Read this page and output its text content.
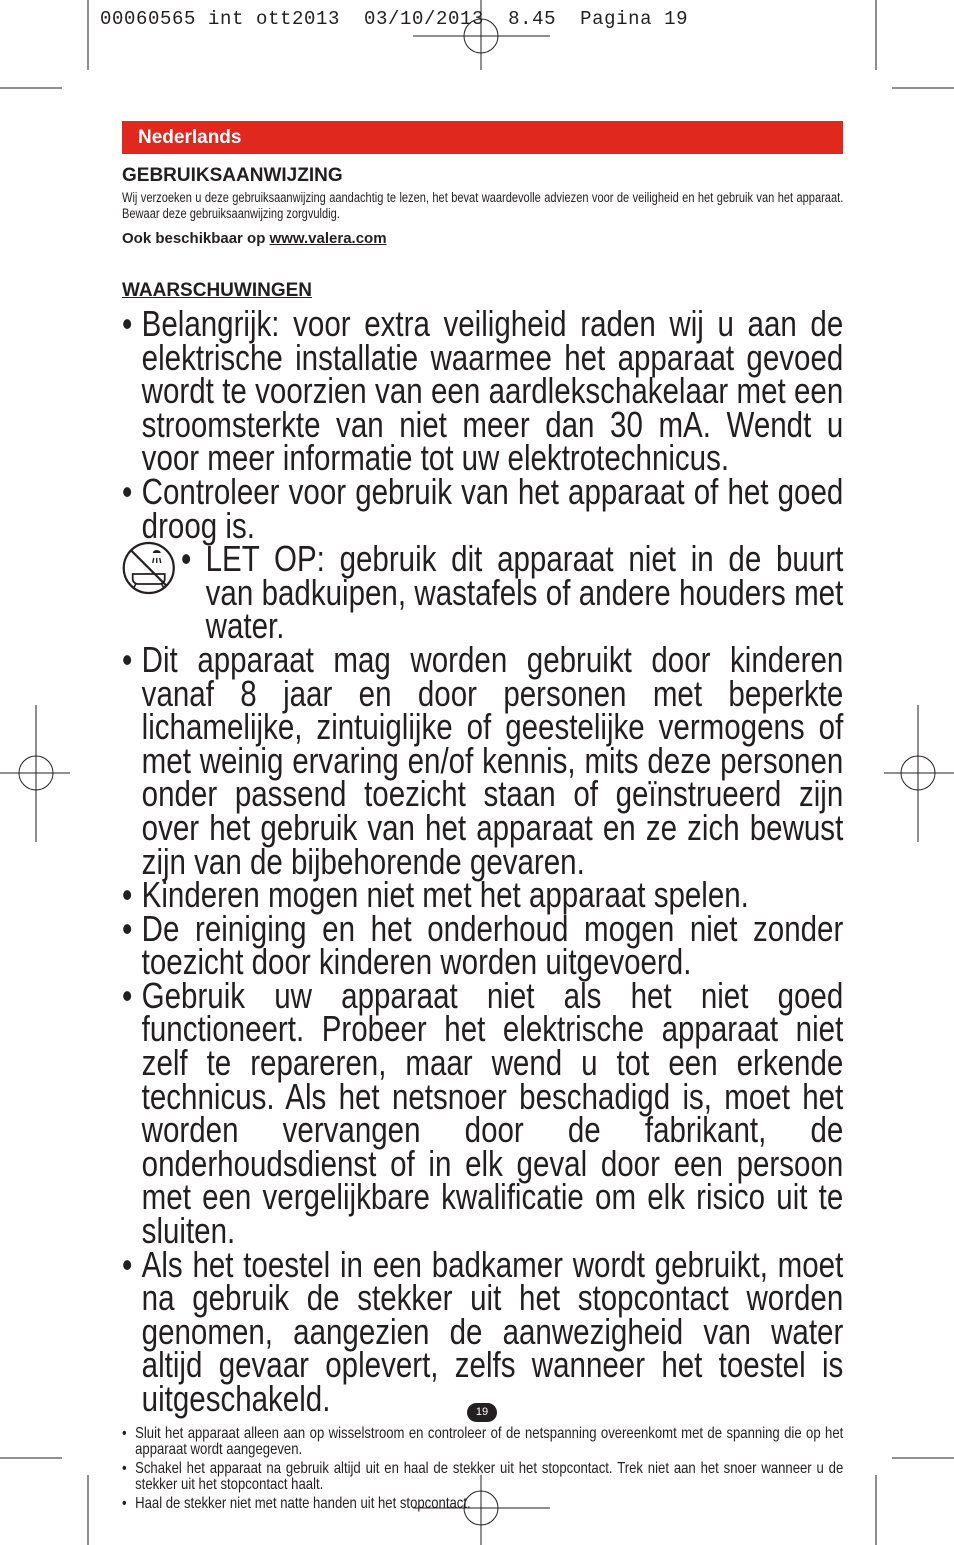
00060565 int ott2013  03/10/2013  8.45  Pagina 19
Nederlands

GEBRUIKSAANWIJZING

Wij verzoeken u deze gebruiksaanwijzing aandachtig te lezen, het bevat waardevolle adviezen voor de veiligheid en het gebruik van het apparaat. Bewaar deze gebruiksaanwijzing zorgvuldig.

Ook beschikbaar op www.valera.com

WAARSCHUWINGEN

• Belangrijk: voor extra veiligheid raden wij u aan de elektrische installatie waarmee het apparaat gevoed wordt te voorzien van een aardlekschakelaar met een stroomsterkte van niet meer dan 30 mA. Wendt u voor meer informatie tot uw elektrotechnicus.
• Controleer voor gebruik van het apparaat of het goed droog is.
• LET OP: gebruik dit apparaat niet in de buurt van badkuipen, wastafels of andere houders met water.
• Dit apparaat mag worden gebruikt door kinderen vanaf 8 jaar en door personen met beperkte lichamelijke, zintuiglijke of geestelijke vermogens of met weinig ervaring en/of kennis, mits deze personen onder passend toezicht staan of geïnstrueerd zijn over het gebruik van het apparaat en ze zich bewust zijn van de bijbehorende gevaren.
• Kinderen mogen niet met het apparaat spelen.
• De reiniging en het onderhoud mogen niet zonder toezicht door kinderen worden uitgevoerd.
• Gebruik uw apparaat niet als het niet goed functioneert. Probeer het elektrische apparaat niet zelf te repareren, maar wend u tot een erkende technicus. Als het netsnoer beschadigd is, moet het worden vervangen door de fabrikant, de onderhoudsdienst of in elk geval door een persoon met een vergelijkbare kwalificatie om elk risico uit te sluiten.
• Als het toestel in een badkamer wordt gebruikt, moet na gebruik de stekker uit het stopcontact worden genomen, aangezien de aanwezigheid van water altijd gevaar oplevert, zelfs wanneer het toestel is uitgeschakeld.
• Sluit het apparaat alleen aan op wisselstroom en controleer of de netspanning overeenkomt met de spanning die op het apparaat wordt aangegeven.
• Schakel het apparaat na gebruik altijd uit en haal de stekker uit het stopcontact. Trek niet aan het snoer wanneer u de stekker uit het stopcontact haalt.
• Haal de stekker niet met natte handen uit het stopcontact.
19
